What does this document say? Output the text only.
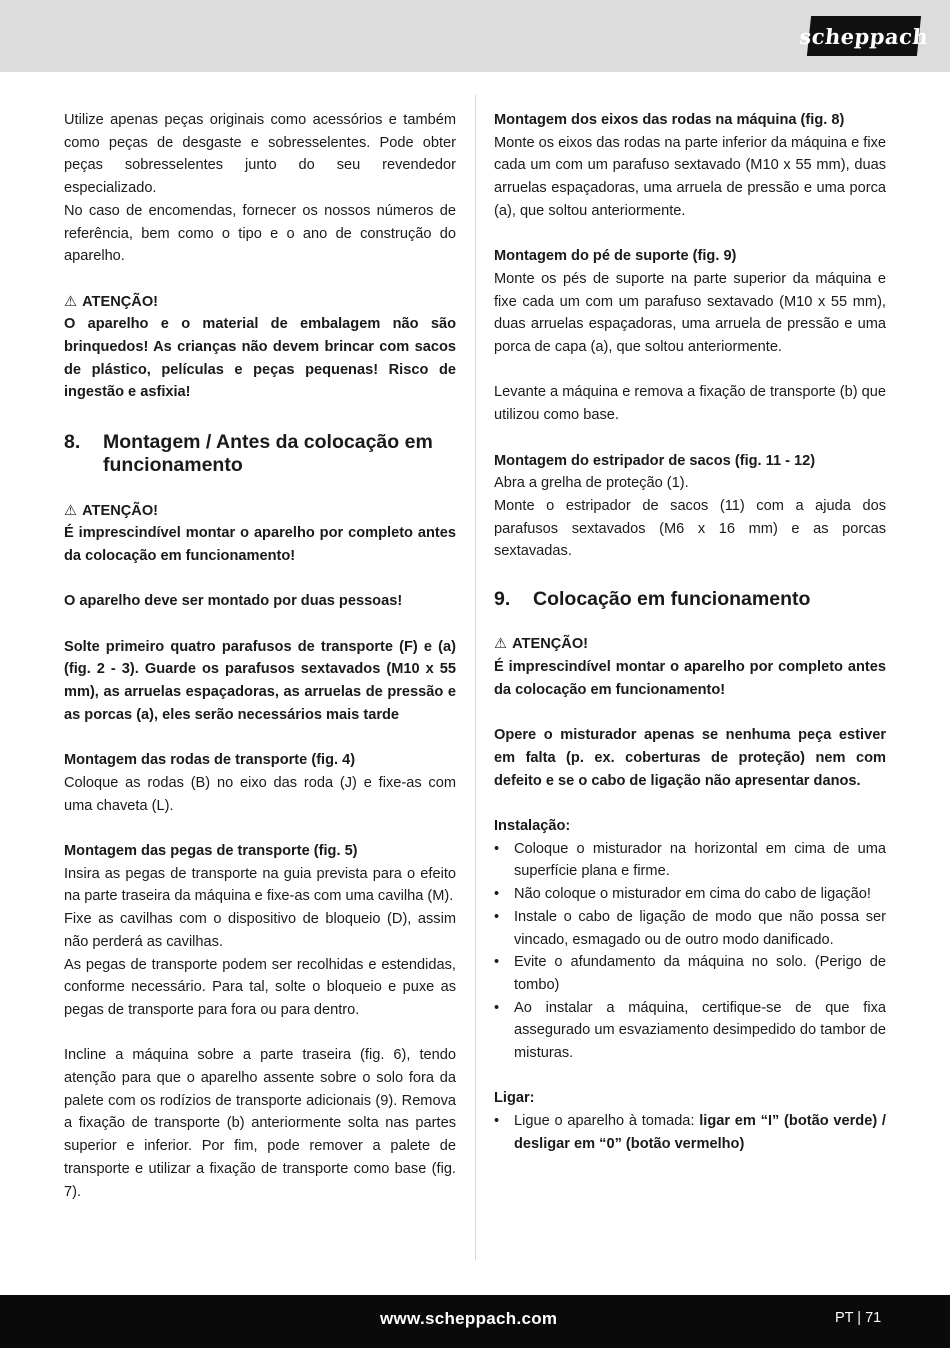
scheppach

Utilize apenas peças originais como acessórios e também como peças de desgaste e sobresselentes. Pode obter peças sobresselentes junto do seu revendedor especializado.

No caso de encomendas, fornecer os nossos números de referência, bem como o tipo e o ano de construção do aparelho.

⚠ ATENÇÃO!

O aparelho e o material de embalagem não são brinquedos! As crianças não devem brincar com sacos de plástico, películas e peças pequenas! Risco de ingestão e asfixia!

8.	Montagem / Antes da colocação em funcionamento
⚠ ATENÇÃO!

É imprescindível montar o aparelho por completo antes da colocação em funcionamento!

O aparelho deve ser montado por duas pessoas!

Solte primeiro quatro parafusos de transporte (F) e (a) (fig. 2 - 3). Guarde os parafusos sextavados (M10 x 55 mm), as arruelas espaçadoras, as arruelas de pressão e as porcas (a), eles serão necessários mais tarde

Montagem das rodas de transporte (fig. 4)

Coloque as rodas (B) no eixo das roda (J) e fixe-as com uma chaveta (L).

Montagem das pegas de transporte (fig. 5)

Insira as pegas de transporte na guia prevista para o efeito na parte traseira da máquina e fixe-as com uma cavilha (M).

Fixe as cavilhas com o dispositivo de bloqueio (D), assim não perderá as cavilhas.

As pegas de transporte podem ser recolhidas e estendidas, conforme necessário. Para tal, solte o bloqueio e puxe as pegas de transporte para fora ou para dentro.

Incline a máquina sobre a parte traseira (fig. 6), tendo atenção para que o aparelho assente sobre o solo fora da palete com os rodízios de transporte adicionais (9). Remova a fixação de transporte (b) anteriormente solta nas partes superior e inferior. Por fim, pode remover a palete de transporte e utilizar a fixação de transporte como base (fig. 7).

Montagem dos eixos das rodas na máquina (fig. 8)

Monte os eixos das rodas na parte inferior da máquina e fixe cada um com um parafuso sextavado (M10 x 55 mm), duas arruelas espaçadoras, uma arruela de pressão e uma porca (a), que soltou anteriormente.

Montagem do pé de suporte (fig. 9)

Monte os pés de suporte na parte superior da máquina e fixe cada um com um parafuso sextavado (M10 x 55 mm), duas arruelas espaçadoras, uma arruela de pressão e uma porca de capa (a), que soltou anteriormente.

Levante a máquina e remova a fixação de transporte (b) que utilizou como base.

Montagem do estripador de sacos (fig. 11 - 12)

Abra a grelha de proteção (1).

Monte o estripador de sacos (11) com a ajuda dos parafusos sextavados (M6 x 16 mm) e as porcas sextavadas.

9.	Colocação em funcionamento
⚠ ATENÇÃO!

É imprescindível montar o aparelho por completo antes da colocação em funcionamento!

Opere o misturador apenas se nenhuma peça estiver em falta (p. ex. coberturas de proteção) nem com defeito e se o cabo de ligação não apresentar danos.

Instalação:

• Coloque o misturador na horizontal em cima de uma superfície plana e firme.
• Não coloque o misturador em cima do cabo de ligação!
• Instale o cabo de ligação de modo que não possa ser vincado, esmagado ou de outro modo danificado.
• Evite o afundamento da máquina no solo. (Perigo de tombo)
• Ao instalar a máquina, certifique-se de que fixa assegurado um esvaziamento desimpedido do tambor de misturas.

Ligar:

• Ligue o aparelho à tomada: ligar em “I” (botão verde) / desligar em “0” (botão vermelho)
www.scheppach.com	PT | 71
